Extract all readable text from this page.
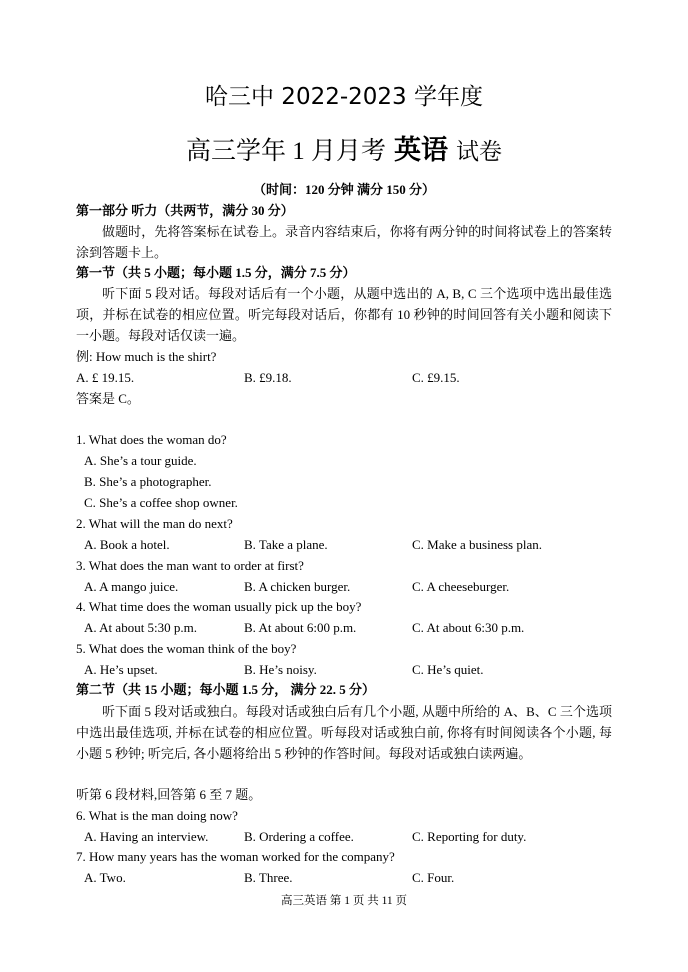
哈三中 2022-2023 学年度
高三学年 1 月月考 英语 试卷
（时间：120 分钟 满分 150 分）
第一部分 听力（共两节，满分 30 分）
做题时，先将答案标在试卷上。录音内容结束后，你将有两分钟的时间将试卷上的答案转涂到答题卡上。
第一节（共 5 小题；每小题 1.5 分，满分 7.5 分）
听下面 5 段对话。每段对话后有一个小题，从题中选出的 A, B, C 三个选项中选出最佳选项，并标在试卷的相应位置。听完每段对话后，你都有 10 秒钟的时间回答有关小题和阅读下一小题。每段对话仅读一遍。
例: How much is the shirt?
A. £ 19.15.	B. £9.18.	C. £9.15.
答案是 C。
1. What does the woman do?
A. She’s a tour guide.
B. She’s a photographer.
C. She’s a coffee shop owner.
2. What will the man do next?
A. Book a hotel.	B. Take a plane.	C. Make a business plan.
3. What does the man want to order at first?
A. A mango juice.	B. A chicken burger.	C. A cheeseburger.
4. What time does the woman usually pick up the boy?
A. At about 5:30 p.m.	B. At about 6:00 p.m.	C. At about 6:30 p.m.
5. What does the woman think of the boy?
A. He’s upset.	B. He’s noisy.	C. He’s quiet.
第二节（共 15 小题；每小题 1.5 分， 满分 22. 5 分）
听下面 5 段对话或独白。每段对话或独白后有几个小题, 从题中所给的 A、B、C 三个选项中选出最佳选项, 并标在试卷的相应位置。听每段对话或独白前, 你将有时间阅读各个小题, 每小题 5 秒钟; 听完后, 各小题将给出 5 秒钟的作答时间。每段对话或独白读两遍。
听第 6 段材料,回答第 6 至 7 题。
6. What is the man doing now?
A. Having an interview.	B. Ordering a coffee.	C. Reporting for duty.
7. How many years has the woman worked for the company?
A. Two.	B. Three.	C. Four.
高三英语 第 1 页 共 11 页
